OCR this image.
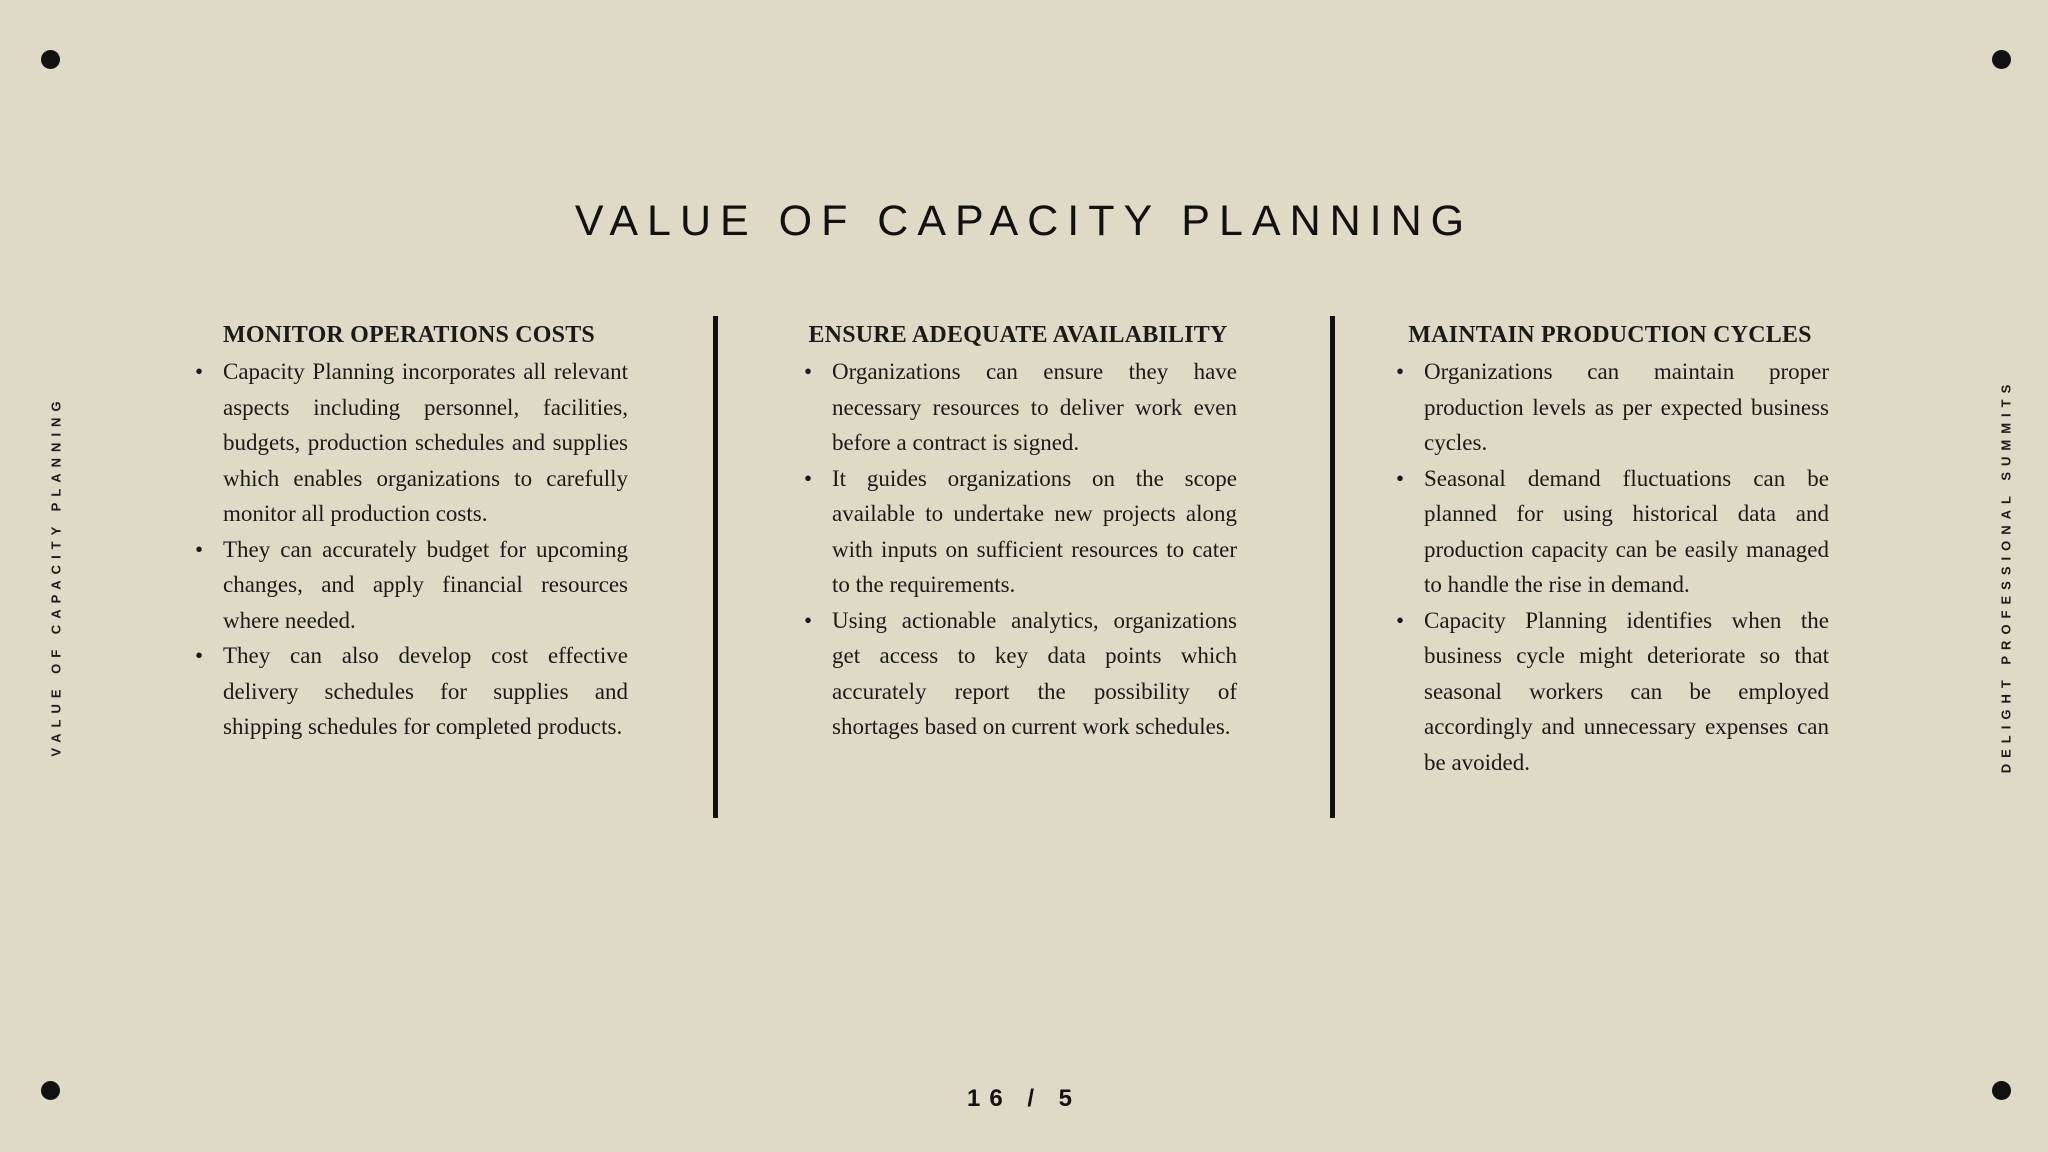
VALUE OF CAPACITY PLANNING	DELIGHT PROFESSIONAL SUMMITS
VALUE OF CAPACITY PLANNING
MONITOR OPERATIONS COSTS
• Capacity Planning incorporates all relevant aspects including personnel, facilities, budgets, production schedules and supplies which enables organizations to carefully monitor all production costs.
• They can accurately budget for upcoming changes, and apply financial resources where needed.
• They can also develop cost effective delivery schedules for supplies and shipping schedules for completed products.
ENSURE ADEQUATE AVAILABILITY
• Organizations can ensure they have necessary resources to deliver work even before a contract is signed.
• It guides organizations on the scope available to undertake new projects along with inputs on sufficient resources to cater to the requirements.
• Using actionable analytics, organizations get access to key data points which accurately report the possibility of shortages based on current work schedules.
MAINTAIN PRODUCTION CYCLES
• Organizations can maintain proper production levels as per expected business cycles.
• Seasonal demand fluctuations can be planned for using historical data and production capacity can be easily managed to handle the rise in demand.
• Capacity Planning identifies when the business cycle might deteriorate so that seasonal workers can be employed accordingly and unnecessary expenses can be avoided.
16 / 5
